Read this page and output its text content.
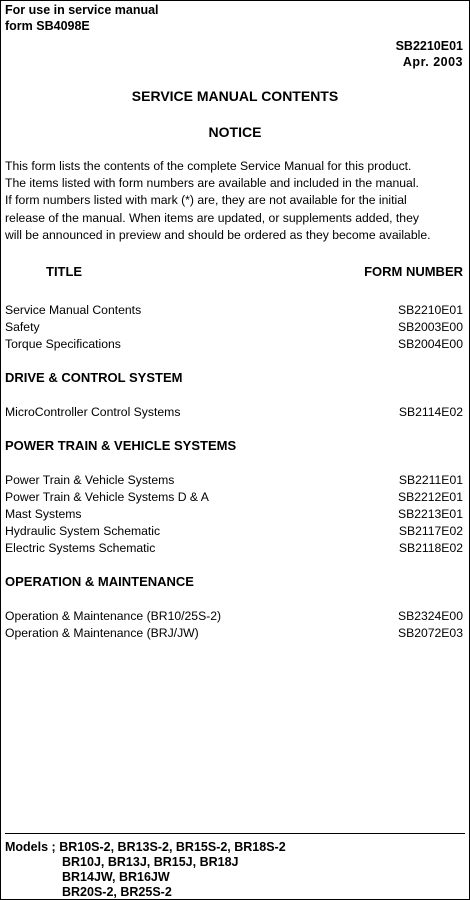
For use in service manual
form SB4098E
SB2210E01
Apr. 2003
SERVICE MANUAL CONTENTS
NOTICE
This form lists the contents of the complete Service Manual for this product.
The items listed with form numbers are available and included in the manual.
If form numbers listed with mark (*) are, they are not available for the initial
release of the manual. When items are updated, or supplements added, they
will be announced in preview and should be ordered as they become available.
TITLE	FORM NUMBER
Service Manual Contents	SB2210E01
Safety	SB2003E00
Torque Specifications	SB2004E00
DRIVE & CONTROL SYSTEM
MicroController Control Systems	SB2114E02
POWER TRAIN & VEHICLE SYSTEMS
Power Train & Vehicle Systems	SB2211E01
Power Train & Vehicle Systems D & A	SB2212E01
Mast Systems	SB2213E01
Hydraulic System Schematic	SB2117E02
Electric Systems Schematic	SB2118E02
OPERATION & MAINTENANCE
Operation & Maintenance (BR10/25S-2)	SB2324E00
Operation & Maintenance (BRJ/JW)	SB2072E03
Models ; BR10S-2, BR13S-2, BR15S-2, BR18S-2
BR10J, BR13J, BR15J, BR18J
BR14JW, BR16JW
BR20S-2, BR25S-2
